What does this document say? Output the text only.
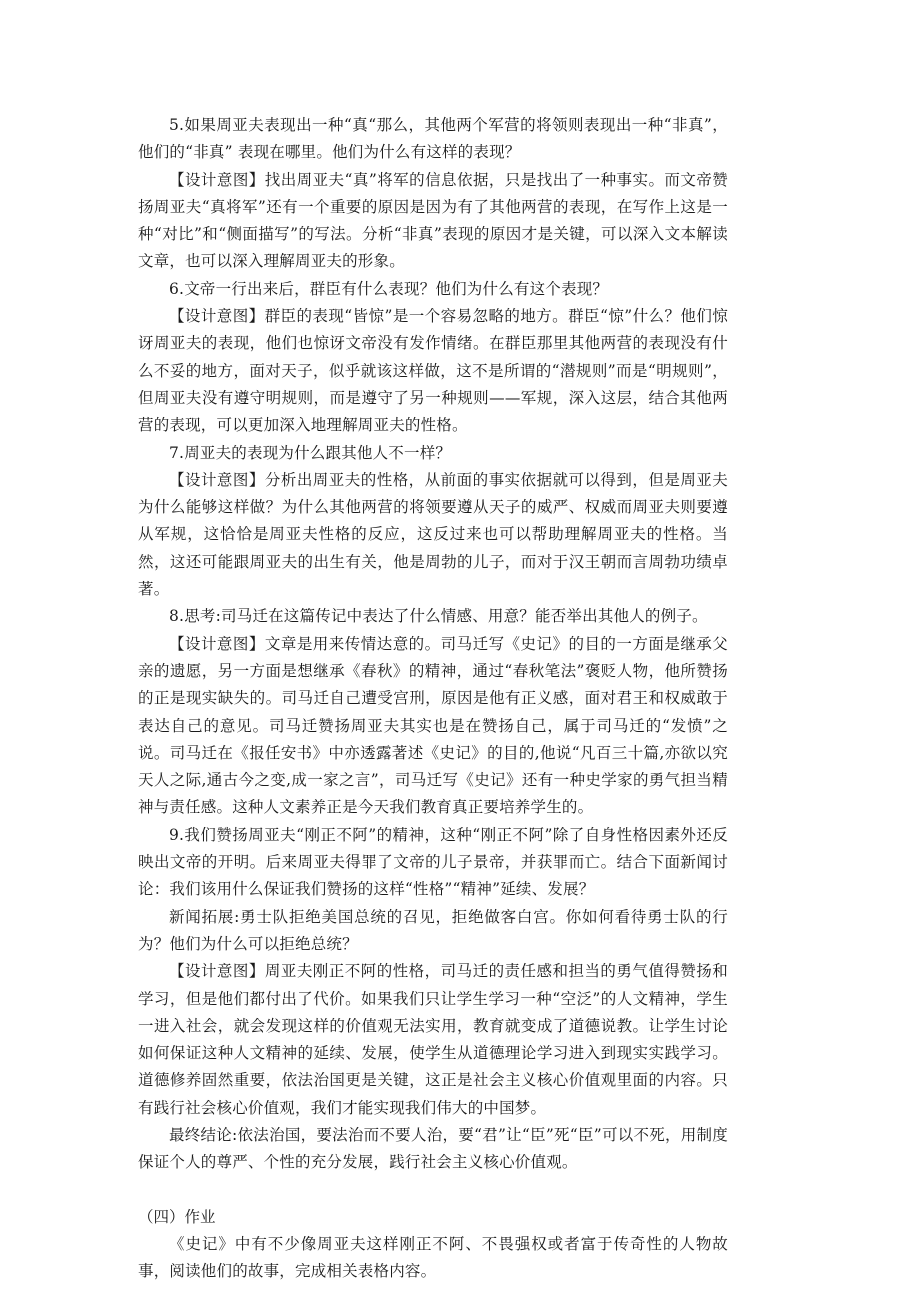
5.如果周亚夫表现出一种“真“那么，其他两个军营的将领则表现出一种“非真”，他们的“非真” 表现在哪里。他们为什么有这样的表现？

【设计意图】找出周亚夫“真”将军的信息依据，只是找出了一种事实。而文帝赞扬周亚夫“真将军”还有一个重要的原因是因为有了其他两营的表现，在写作上这是一种“对比”和“侧面描写”的写法。分析“非真”表现的原因才是关键，可以深入文本解读文章，也可以深入理解周亚夫的形象。

6.文帝一行出来后，群臣有什么表现？他们为什么有这个表现？

【设计意图】群臣的表现“皆惊”是一个容易忽略的地方。群臣“惊”什么？他们惊讶周亚夫的表现，他们也惊讶文帝没有发作情绪。在群臣那里其他两营的表现没有什么不妥的地方，面对天子，似乎就该这样做，这不是所谓的“潜规则”而是“明规则”，但周亚夫没有遵守明规则，而是遵守了另一种规则——军规，深入这层，结合其他两营的表现，可以更加深入地理解周亚夫的性格。

7.周亚夫的表现为什么跟其他人不一样？

【设计意图】分析出周亚夫的性格，从前面的事实依据就可以得到，但是周亚夫为什么能够这样做？为什么其他两营的将领要遵从天子的威严、权威而周亚夫则要遵从军规，这恰恰是周亚夫性格的反应，这反过来也可以帮助理解周亚夫的性格。当然，这还可能跟周亚夫的出生有关，他是周勃的儿子，而对于汉王朝而言周勃功绩卓著。

8.思考:司马迁在这篇传记中表达了什么情感、用意？能否举出其他人的例子。

【设计意图】文章是用来传情达意的。司马迁写《史记》的目的一方面是继承父亲的遗愿，另一方面是想继承《春秋》的精神，通过“春秋笔法”褒贬人物，他所赞扬的正是现实缺失的。司马迁自己遭受宫刑，原因是他有正义感，面对君王和权威敢于表达自己的意见。司马迁赞扬周亚夫其实也是在赞扬自己，属于司马迁的“发愤”之说。司马迁在《报任安书》中亦透露著述《史记》的目的,他说“凡百三十篇,亦欲以究天人之际,通古今之变,成一家之言”，司马迁写《史记》还有一种史学家的勇气担当精神与责任感。这种人文素养正是今天我们教育真正要培养学生的。

9.我们赞扬周亚夫“刚正不阿”的精神，这种“刚正不阿”除了自身性格因素外还反映出文帝的开明。后来周亚夫得罪了文帝的儿子景帝，并获罪而亡。结合下面新闻讨论：我们该用什么保证我们赞扬的这样“性格”“精神”延续、发展？

新闻拓展:勇士队拒绝美国总统的召见，拒绝做客白宫。你如何看待勇士队的行为？他们为什么可以拒绝总统？

【设计意图】周亚夫刚正不阿的性格，司马迁的责任感和担当的勇气值得赞扬和学习，但是他们都付出了代价。如果我们只让学生学习一种“空泛”的人文精神，学生一进入社会，就会发现这样的价值观无法实用，教育就变成了道德说教。让学生讨论如何保证这种人文精神的延续、发展，使学生从道德理论学习进入到现实实践学习。道德修养固然重要，依法治国更是关键，这正是社会主义核心价值观里面的内容。只有践行社会核心价值观，我们才能实现我们伟大的中国梦。

最终结论:依法治国，要法治而不要人治，要“君”让“臣”死“臣”可以不死，用制度保证个人的尊严、个性的充分发展，践行社会主义核心价值观。

（四）作业

《史记》中有不少像周亚夫这样刚正不阿、不畏强权或者富于传奇性的人物故事，阅读他们的故事，完成相关表格内容。
